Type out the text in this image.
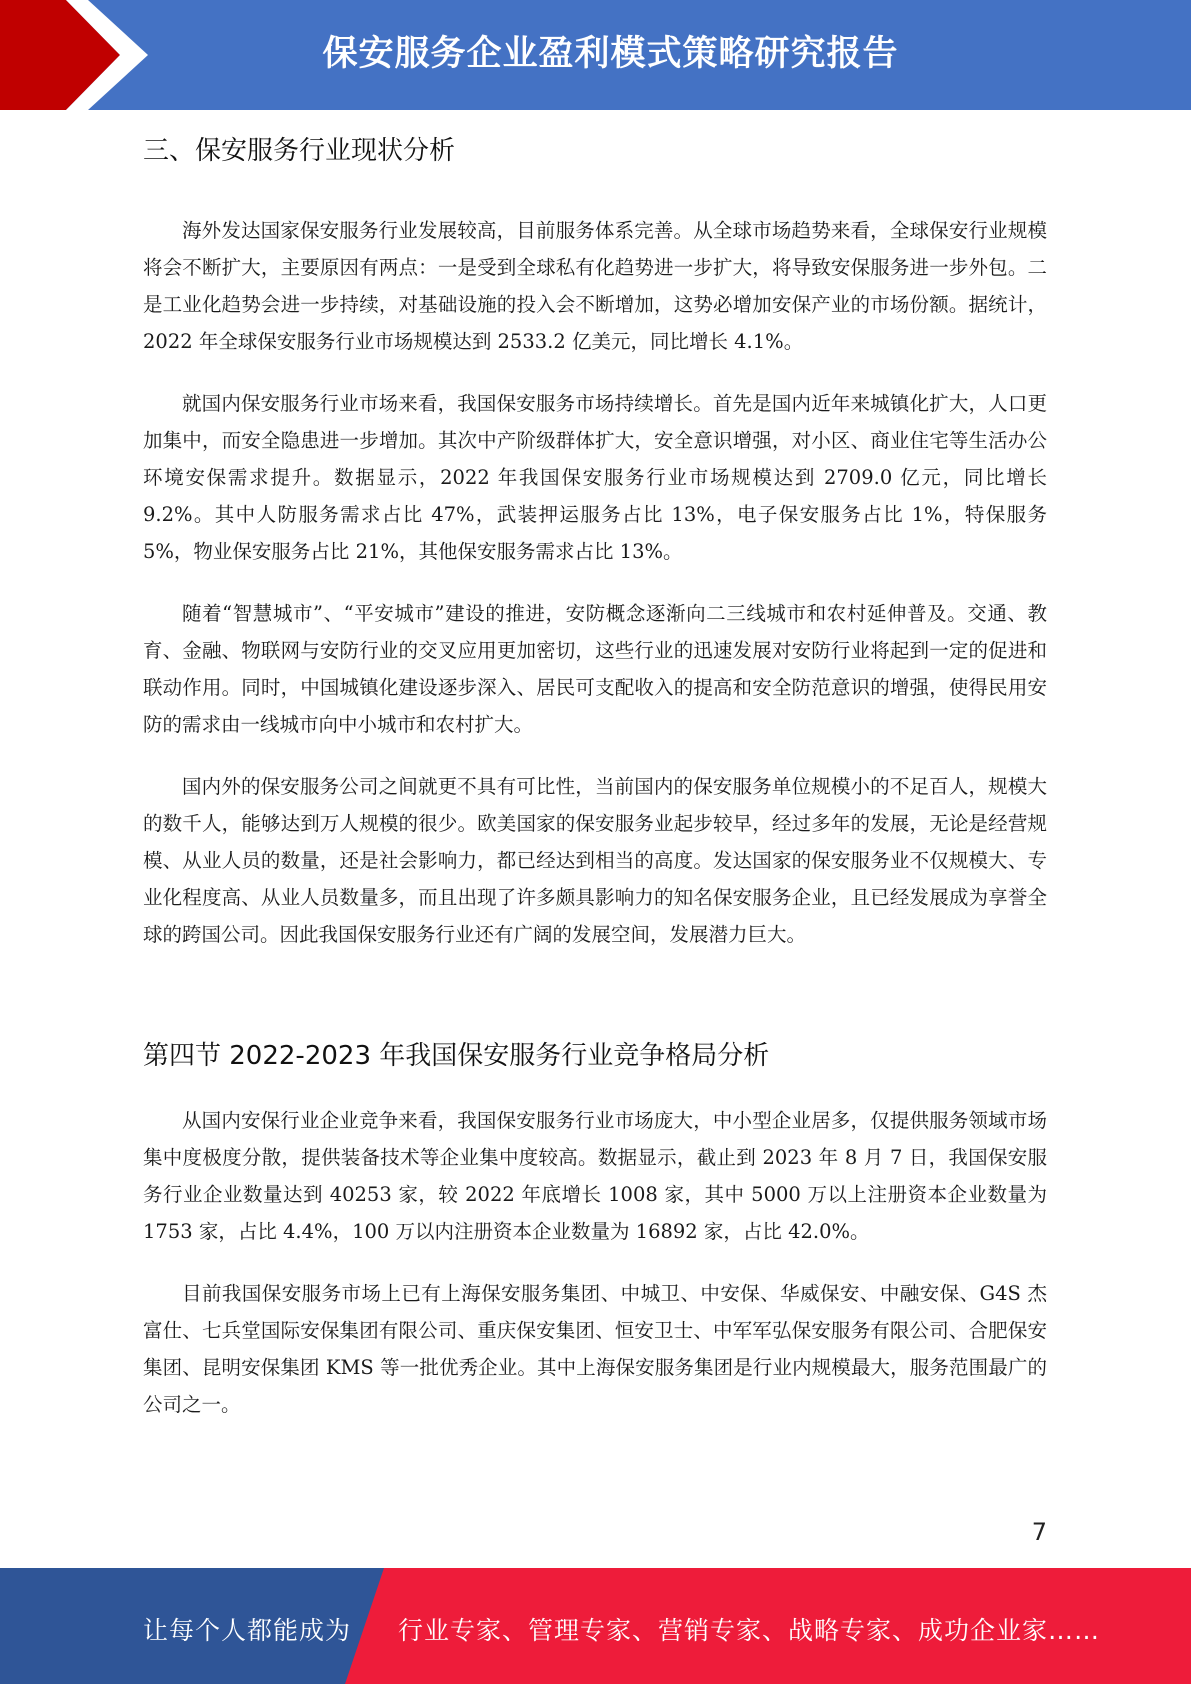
保安服务企业盈利模式策略研究报告
三、保安服务行业现状分析

海外发达国家保安服务行业发展较高，目前服务体系完善。从全球市场趋势来看，全球保安行业规模将会不断扩大，主要原因有两点：一是受到全球私有化趋势进一步扩大，将导致安保服务进一步外包。二是工业化趋势会进一步持续，对基础设施的投入会不断增加，这势必增加安保产业的市场份额。据统计，2022 年全球保安服务行业市场规模达到 2533.2 亿美元，同比增长 4.1%。

就国内保安服务行业市场来看，我国保安服务市场持续增长。首先是国内近年来城镇化扩大，人口更加集中，而安全隐患进一步增加。其次中产阶级群体扩大，安全意识增强，对小区、商业住宅等生活办公环境安保需求提升。数据显示，2022 年我国保安服务行业市场规模达到 2709.0 亿元，同比增长 9.2%。其中人防服务需求占比 47%，武装押运服务占比 13%，电子保安服务占比 1%，特保服务 5%，物业保安服务占比 21%，其他保安服务需求占比 13%。

随着“智慧城市”、“平安城市”建设的推进，安防概念逐渐向二三线城市和农村延伸普及。交通、教育、金融、物联网与安防行业的交叉应用更加密切，这些行业的迅速发展对安防行业将起到一定的促进和联动作用。同时，中国城镇化建设逐步深入、居民可支配收入的提高和安全防范意识的增强，使得民用安防的需求由一线城市向中小城市和农村扩大。

国内外的保安服务公司之间就更不具有可比性，当前国内的保安服务单位规模小的不足百人，规模大的数千人，能够达到万人规模的很少。欧美国家的保安服务业起步较早，经过多年的发展，无论是经营规模、从业人员的数量，还是社会影响力，都已经达到相当的高度。发达国家的保安服务业不仅规模大、专业化程度高、从业人员数量多，而且出现了许多颇具影响力的知名保安服务企业，且已经发展成为享誉全球的跨国公司。因此我国保安服务行业还有广阔的发展空间，发展潜力巨大。

第四节 2022-2023 年我国保安服务行业竞争格局分析

从国内安保行业企业竞争来看，我国保安服务行业市场庞大，中小型企业居多，仅提供服务领域市场集中度极度分散，提供装备技术等企业集中度较高。数据显示，截止到 2023 年 8 月 7 日，我国保安服务行业企业数量达到 40253 家，较 2022 年底增长 1008 家，其中 5000 万以上注册资本企业数量为 1753 家，占比 4.4%，100 万以内注册资本企业数量为 16892 家，占比 42.0%。

目前我国保安服务市场上已有上海保安服务集团、中城卫、中安保、华威保安、中融安保、G4S 杰富仕、七兵堂国际安保集团有限公司、重庆保安集团、恒安卫士、中军军弘保安服务有限公司、合肥保安集团、昆明安保集团 KMS 等一批优秀企业。其中上海保安服务集团是行业内规模最大，服务范围最广的公司之一。

7
让每个人都能成为 行业专家、管理专家、营销专家、战略专家、成功企业家……
